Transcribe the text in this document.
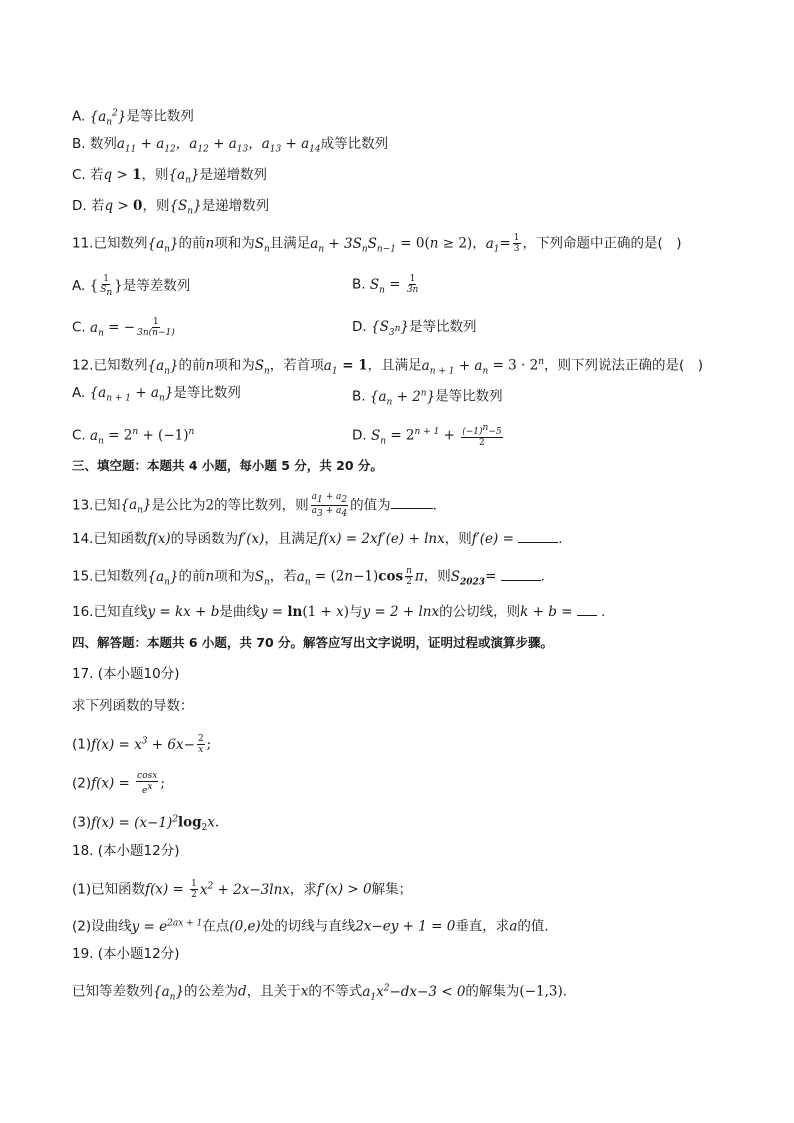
A. $\{a_n^2\}$是等比数列
B. 数列$a_{11} + a_{12}$，$a_{12} + a_{13}$，$a_{13} + a_{14}$成等比数列
C. 若q > 1，则$\{a_n\}$是递增数列
D. 若q > 0，则$\{S_n\}$是递增数列
11.已知数列$\{a_n\}$的前n项和为$S_n$且满足$a_n + 3S_nS_{n-1} = 0(n \ge 2)$，$a_1= \frac{1}{3}$ ，下列命题中正确的是(　)
A. { $\frac{1}{S_n}$ }是等差数列	B. $S_n = \frac{1}{3n}$
C. $a_n$ = − $\frac{1}{3n(n-1)}$	D. $\{S_{3^n}\}$是等比数列
12.已知数列$\{a_n\}$的前n项和为$S_n$，若首项$a_1 = 1$，且满足$a_{n + 1} + a_n = 3 \cdot 2^n$，则下列说法正确的是(　)
A. $\{a_{n + 1} + a_n\}$是等比数列	B. $\{a_n + 2^n\}$是等比数列
C. $a_n = 2^n + (-1)^n$	D. $S_n = 2^{n + 1} + \frac{(-1)^n-5}{2}$
三、填空题：本题共 4 小题，每小题 5 分，共 20 分。
13.已知$\{a_n\}$是公比为2的等比数列，则 $\frac{a_1 + a_2}{a_3 + a_4}$ 的值为	.
14.已知函数f(x)的导函数为f′(x)，且满足f(x) = 2xf′(e) + lnx，则f′(e) =	.
15.已知数列$\{a_n\}$的前n项和为$S_n$，若$a_n = (2n-1)\cos \frac{n}{2}$ π，则$S_{2023}=$	.
16.已知直线y = kx + b是曲线y = ln(1 + x)与y = 2 + lnx的公切线，则k + b =  .
四、解答题：本题共 6 小题，共 70 分。解答应写出文字说明，证明过程或演算步骤。
17. (本小题10分)
求下列函数的导数：
$(1)f(x) = x^3 + 6x- \frac{2}{x}$ ;
$(2)f(x) = \frac{\cos x}{e^x}$ ;
$(3)f(x) = (x-1)^2\log_2x$.
18. (本小题12分)
(1)已知函数$f(x) = \frac{1}{2} x^2 + 2x-3\ln x$，求f′(x) > 0解集；
(2)设曲线$y = e^{2ax + 1}$在点(0,e)处的切线与直线2x−ey + 1 = 0垂直，求a的值.
19. (本小题12分)
已知等差数列$\{a_n\}$的公差为d，且关于x的不等式$a_1x^2-dx-3 < 0$的解集为(−1,3).
